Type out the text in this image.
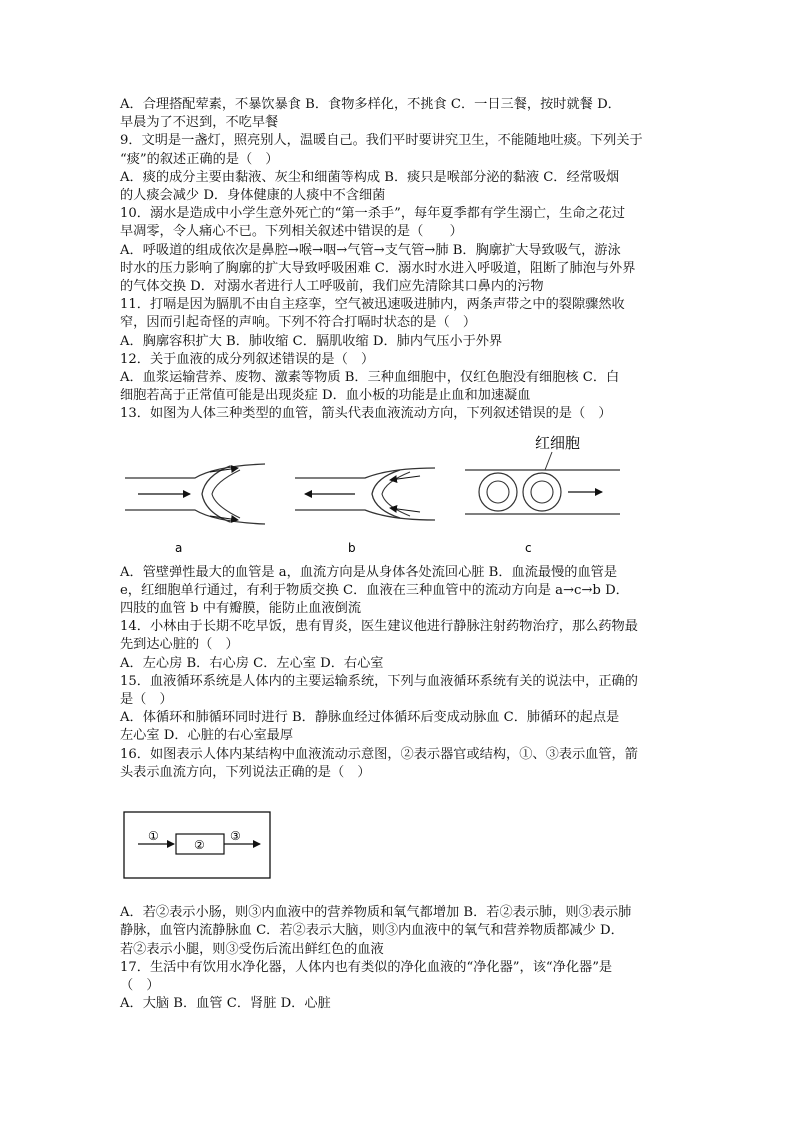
A．合理搭配荤素，不暴饮暴食 B．食物多样化，不挑食 C．一日三餐，按时就餐 D．

早晨为了不迟到，不吃早餐

9．文明是一盏灯，照亮别人，温暖自己。我们平时要讲究卫生，不能随地吐痰。下列关于

“痰”的叙述正确的是（　）

A．痰的成分主要由黏液、灰尘和细菌等构成 B．痰只是喉部分泌的黏液 C．经常吸烟

的人痰会减少 D．身体健康的人痰中不含细菌

10．溺水是造成中小学生意外死亡的“第一杀手”，每年夏季都有学生溺亡，生命之花过

早凋零，令人痛心不已。下列相关叙述中错误的是（　　）

A．呼吸道的组成依次是鼻腔→喉→咽→气管→支气管→肺 B．胸廓扩大导致吸气，游泳

时水的压力影响了胸廓的扩大导致呼吸困难 C．溺水时水进入呼吸道，阻断了肺泡与外界

的气体交换 D．对溺水者进行人工呼吸前，我们应先清除其口鼻内的污物

11．打嗝是因为膈肌不由自主痉挛，空气被迅速吸进肺内，两条声带之中的裂隙骤然收

窄，因而引起奇怪的声响。下列不符合打嗝时状态的是（　）

A．胸廓容积扩大 B．肺收缩 C．膈肌收缩 D．肺内气压小于外界

12．关于血液的成分列叙述错误的是（　）

A．血浆运输营养、废物、激素等物质 B．三种血细胞中，仅红色胞没有细胞核 C．白

细胞若高于正常值可能是出现炎症 D．血小板的功能是止血和加速凝血

13．如图为人体三种类型的血管，箭头代表血液流动方向，下列叙述错误的是（　）

a	b
红细胞
c

A．管壁弹性最大的血管是 a，血流方向是从身体各处流回心脏 B．血流最慢的血管是

e，红细胞单行通过，有利于物质交换 C．血液在三种血管中的流动方向是 a→c→b D．

四肢的血管 b 中有瓣膜，能防止血液倒流

14．小林由于长期不吃早饭，患有胃炎，医生建议他进行静脉注射药物治疗，那么药物最

先到达心脏的（　）

A．左心房 B．右心房 C．左心室 D．右心室

15．血液循环系统是人体内的主要运输系统，下列与血液循环系统有关的说法中，正确的

是（　）

A．体循环和肺循环同时进行 B．静脉血经过体循环后变成动脉血 C．肺循环的起点是

左心室 D．心脏的右心室最厚

16．如图表示人体内某结构中血液流动示意图，②表示器官或结构，①、③表示血管，箭

头表示血流方向，下列说法正确的是（　）

①
②
③

A．若②表示小肠，则③内血液中的营养物质和氧气都增加 B．若②表示肺，则③表示肺

静脉，血管内流静脉血 C．若②表示大脑，则③内血液中的氧气和营养物质都减少 D．

若②表示小腿，则③受伤后流出鲜红色的血液

17．生活中有饮用水净化器，人体内也有类似的净化血液的“净化器”，该“净化器”是

（　）

A．大脑 B．血管 C．肾脏 D．心脏
